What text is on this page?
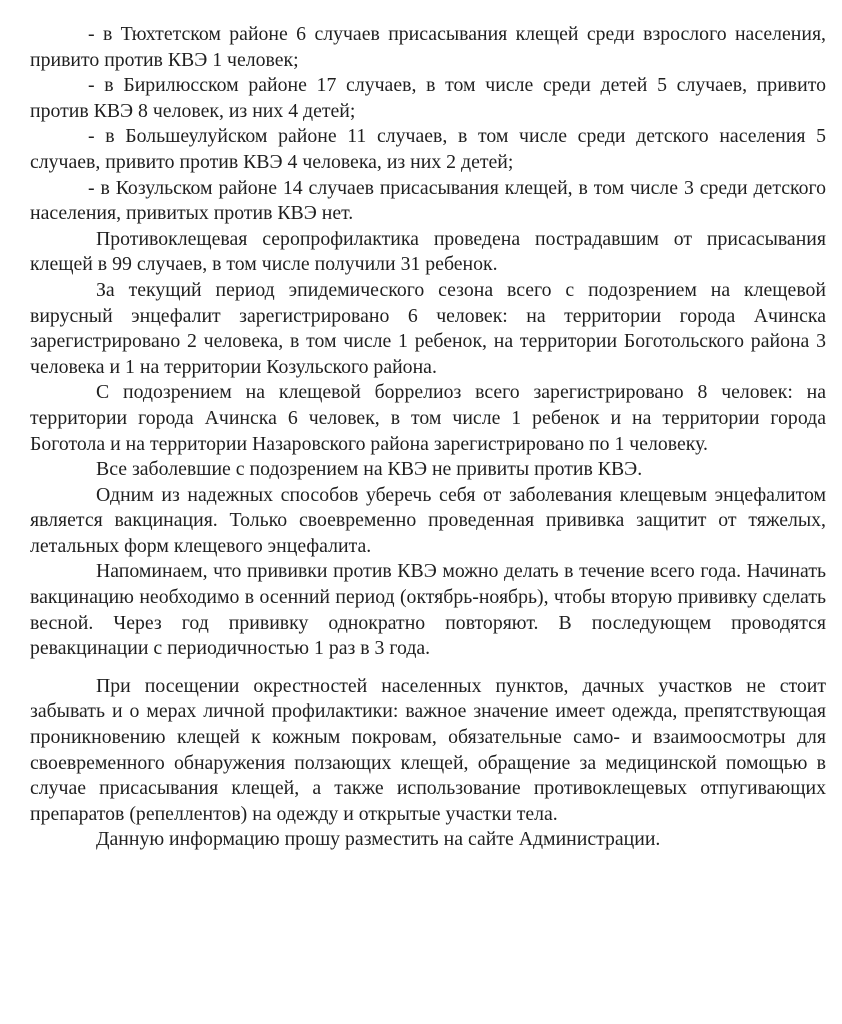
- в Тюхтетском районе 6 случаев присасывания клещей среди взрослого населения, привито против КВЭ 1 человек;

- в Бирилюсском районе 17 случаев, в том числе среди детей 5 случаев, привито против КВЭ 8 человек, из них 4 детей;

- в Большеулуйском районе 11 случаев, в том числе среди детского населения 5 случаев, привито против КВЭ 4 человека, из них 2 детей;

- в Козульском районе 14 случаев присасывания клещей, в том числе 3 среди детского населения, привитых против КВЭ нет.

Противоклещевая серопрофилактика проведена пострадавшим от присасывания клещей в 99 случаев, в том числе получили 31 ребенок.

За текущий период эпидемического сезона всего с подозрением на клещевой вирусный энцефалит зарегистрировано 6 человек: на территории города Ачинска зарегистрировано 2 человека, в том числе 1 ребенок, на территории Боготольского района 3 человека и 1 на территории Козульского района.

С подозрением на клещевой боррелиоз всего зарегистрировано 8 человек: на территории города Ачинска 6 человек, в том числе 1 ребенок и на территории города Боготола и на территории Назаровского района зарегистрировано по 1 человеку.

Все заболевшие с подозрением на КВЭ не привиты против КВЭ.

Одним из надежных способов уберечь себя от заболевания клещевым энцефалитом является вакцинация. Только своевременно проведенная прививка защитит от тяжелых, летальных форм клещевого энцефалита.

Напоминаем, что прививки против КВЭ можно делать в течение всего года. Начинать вакцинацию необходимо в осенний период (октябрь-ноябрь), чтобы вторую прививку сделать весной. Через год прививку однократно повторяют. В последующем проводятся ревакцинации с периодичностью 1 раз в 3 года.

При посещении окрестностей населенных пунктов, дачных участков не стоит забывать и о мерах личной профилактики: важное значение имеет одежда, препятствующая проникновению клещей к кожным покровам, обязательные само- и взаимоосмотры для своевременного обнаружения ползающих клещей, обращение за медицинской помощью в случае присасывания клещей, а также использование противоклещевых отпугивающих препаратов (репеллентов) на одежду и открытые участки тела.

Данную информацию прошу разместить на сайте Администрации.
